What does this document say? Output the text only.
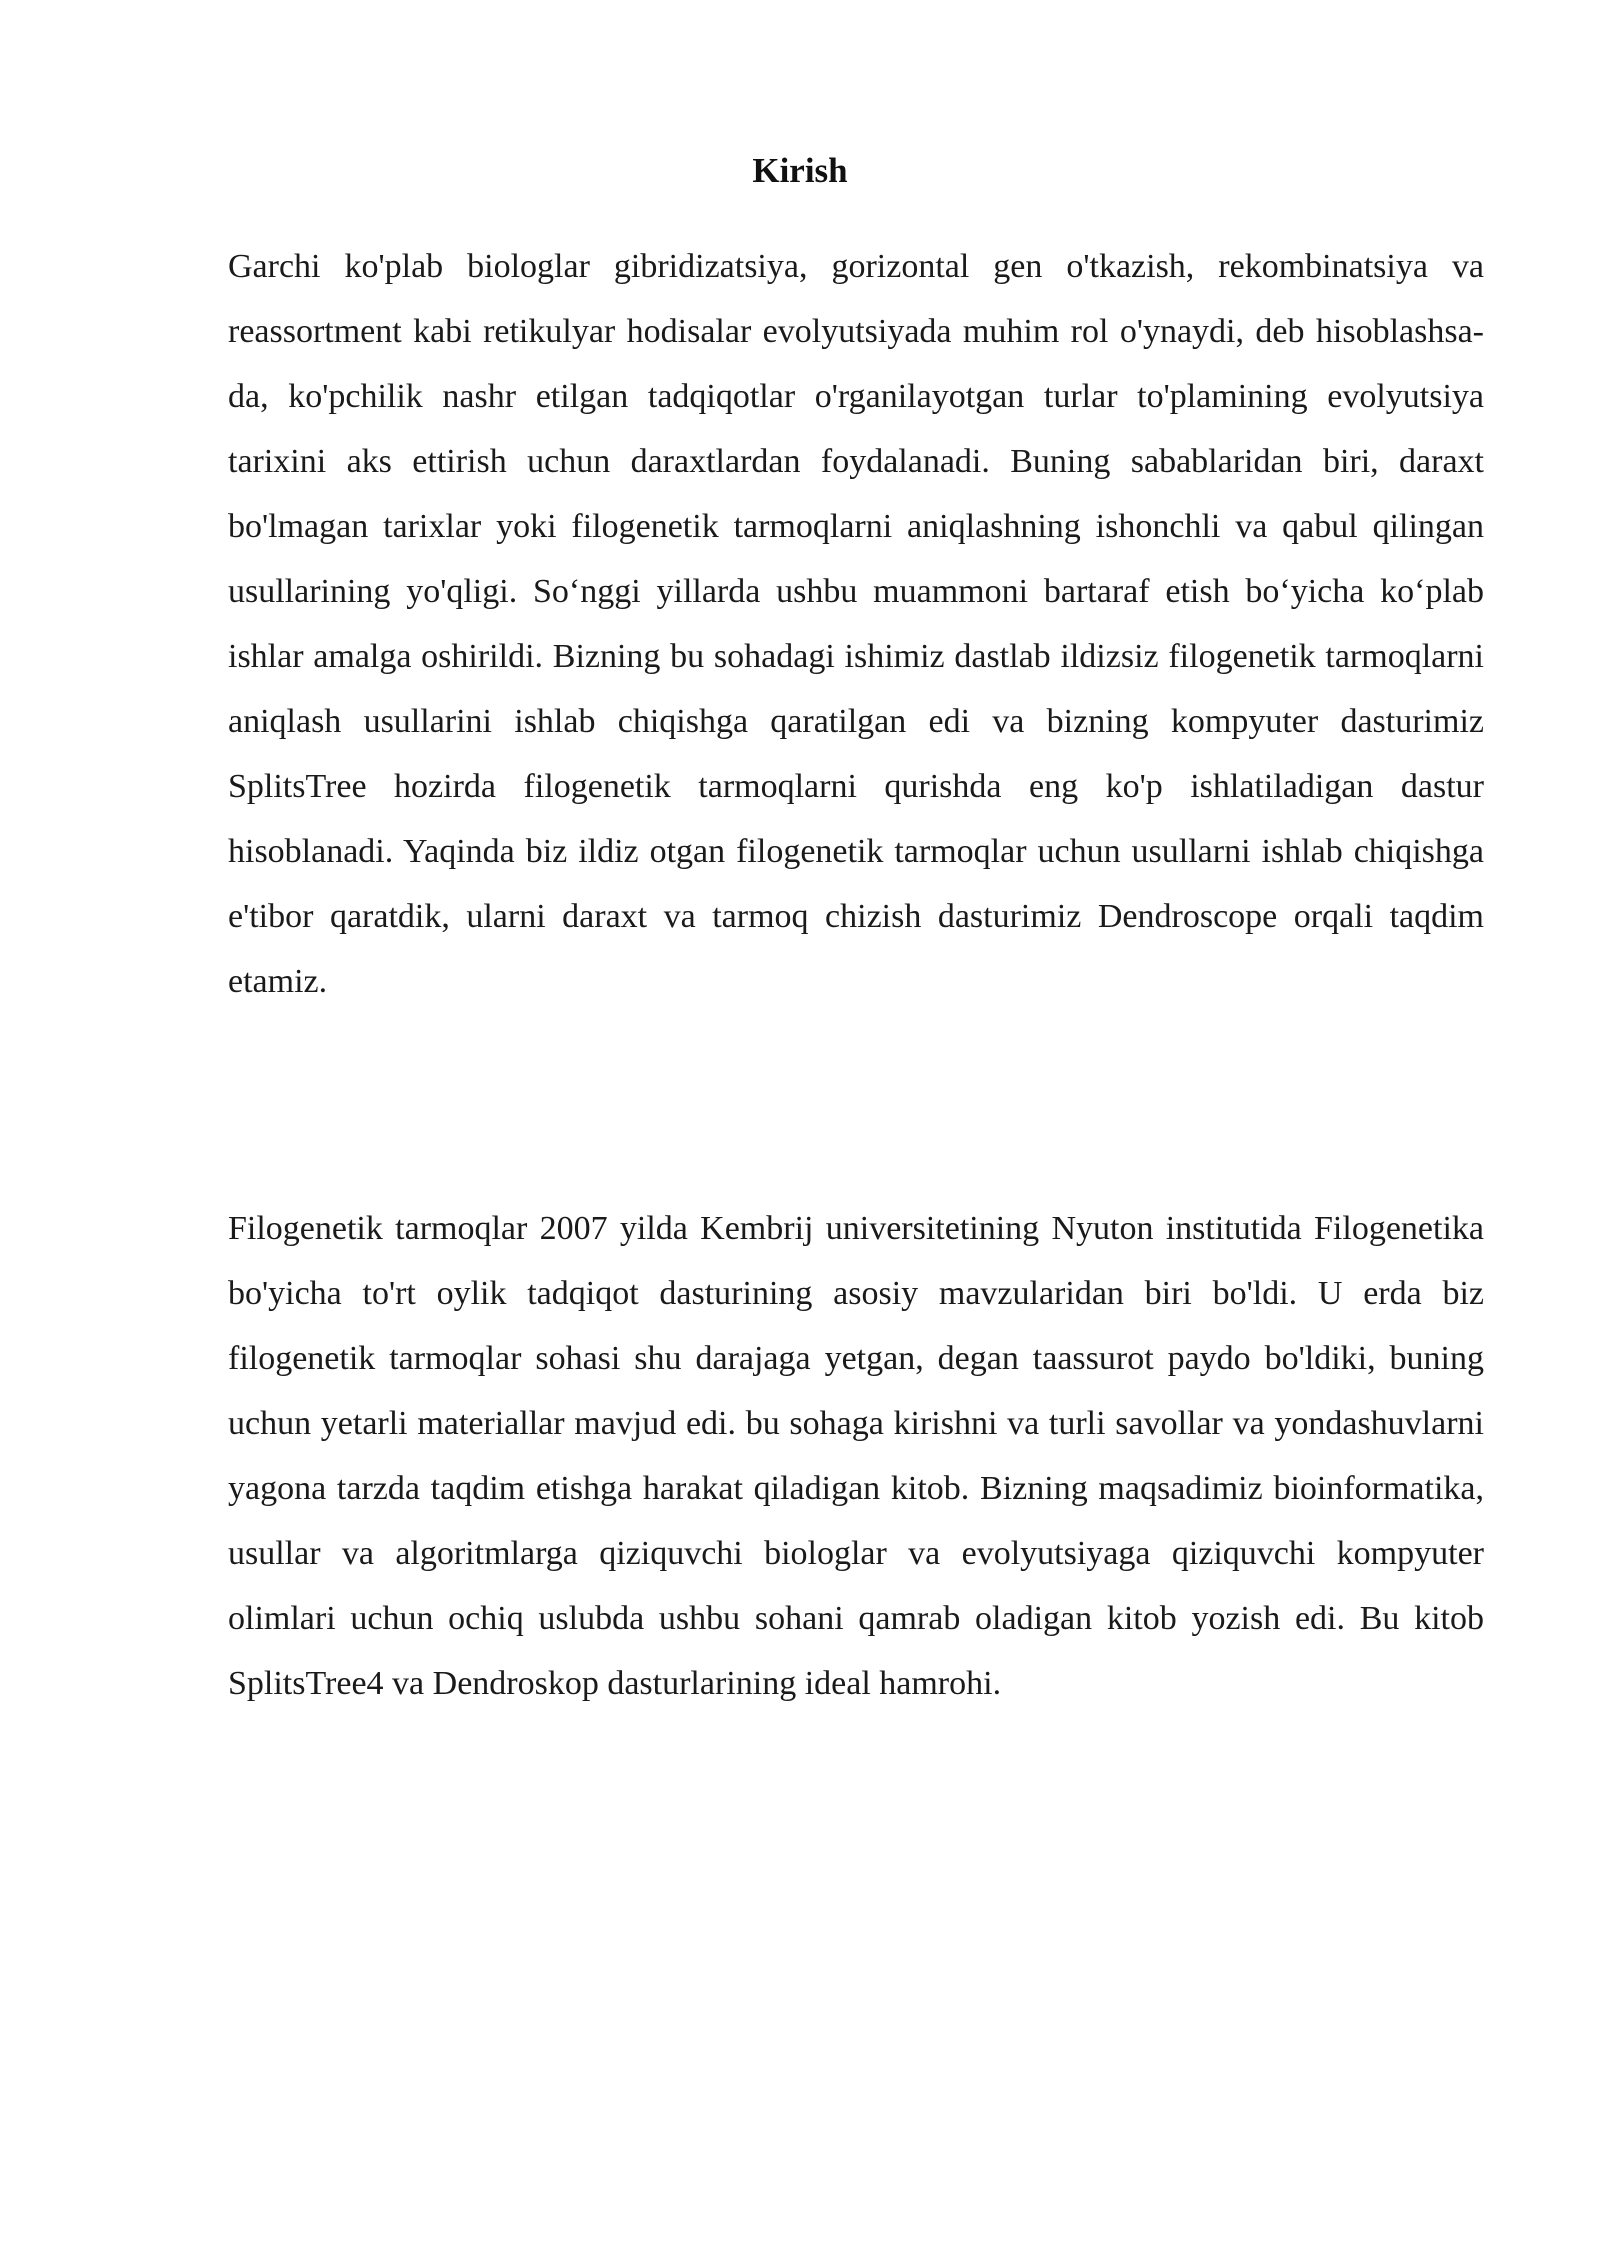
Kirish

Garchi ko'plab biologlar gibridizatsiya, gorizontal gen o'tkazish, rekombinatsiya va reassortment kabi retikulyar hodisalar evolyutsiyada muhim rol o'ynaydi, deb hisoblashsa-da, ko'pchilik nashr etilgan tadqiqotlar o'rganilayotgan turlar to'plamining evolyutsiya tarixini aks ettirish uchun daraxtlardan foydalanadi. Buning sabablaridan biri, daraxt bo'lmagan tarixlar yoki filogenetik tarmoqlarni aniqlashning ishonchli va qabul qilingan usullarining yo'qligi. So‘nggi yillarda ushbu muammoni bartaraf etish bo‘yicha ko‘plab ishlar amalga oshirildi. Bizning bu sohadagi ishimiz dastlab ildizsiz filogenetik tarmoqlarni aniqlash usullarini ishlab chiqishga qaratilgan edi va bizning kompyuter dasturimiz SplitsTree hozirda filogenetik tarmoqlarni qurishda eng ko'p ishlatiladigan dastur hisoblanadi. Yaqinda biz ildiz otgan filogenetik tarmoqlar uchun usullarni ishlab chiqishga e'tibor qaratdik, ularni daraxt va tarmoq chizish dasturimiz Dendroscope orqali taqdim etamiz.

Filogenetik tarmoqlar 2007 yilda Kembrij universitetining Nyuton institutida Filogenetika bo'yicha to'rt oylik tadqiqot dasturining asosiy mavzularidan biri bo'ldi. U erda biz filogenetik tarmoqlar sohasi shu darajaga yetgan, degan taassurot paydo bo'ldiki, buning uchun yetarli materiallar mavjud edi. bu sohaga kirishni va turli savollar va yondashuvlarni yagona tarzda taqdim etishga harakat qiladigan kitob. Bizning maqsadimiz bioinformatika, usullar va algoritmlarga qiziquvchi biologlar va evolyutsiyaga qiziquvchi kompyuter olimlari uchun ochiq uslubda ushbu sohani qamrab oladigan kitob yozish edi. Bu kitob SplitsTree4 va Dendroskop dasturlarining ideal hamrohi.
